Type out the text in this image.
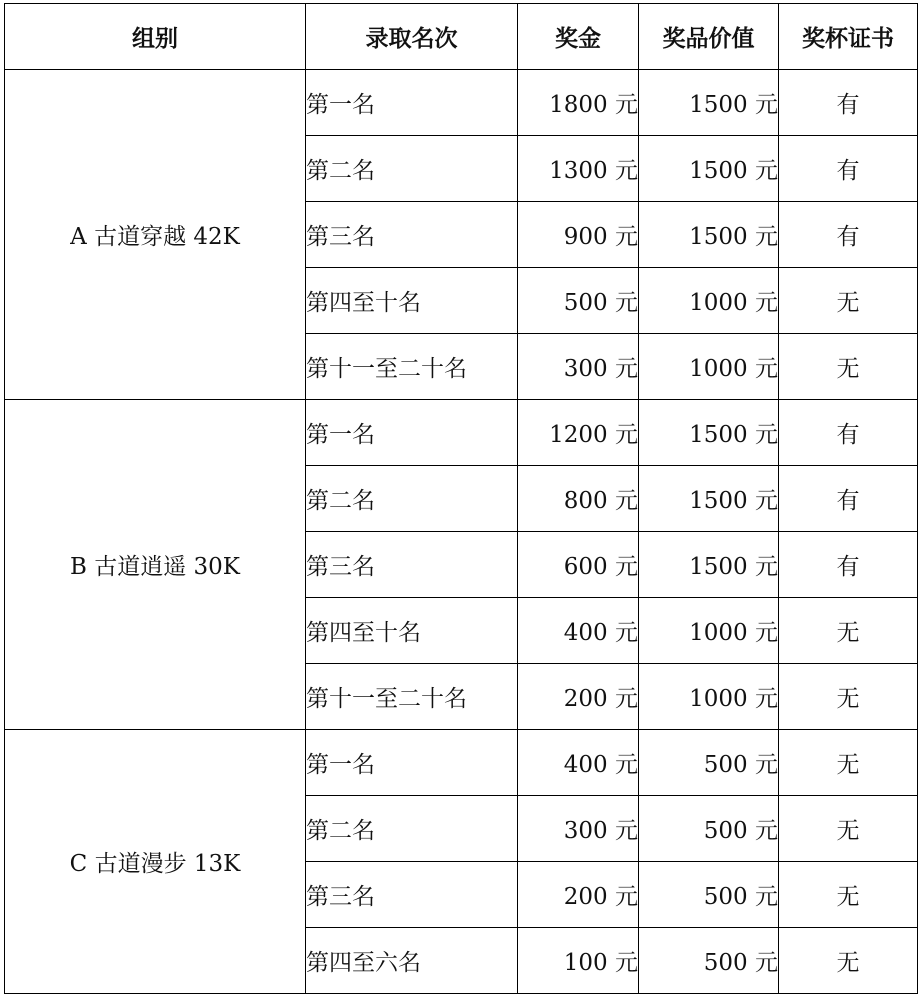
组别	录取名次	奖金	奖品价值	奖杯证书
A 古道穿越 42K	第一名	1800 元	1500 元	有
	第二名	1300 元	1500 元	有
	第三名	900 元	1500 元	有
	第四至十名	500 元	1000 元	无
	第十一至二十名	300 元	1000 元	无
B 古道逍遥 30K	第一名	1200 元	1500 元	有
	第二名	800 元	1500 元	有
	第三名	600 元	1500 元	有
	第四至十名	400 元	1000 元	无
	第十一至二十名	200 元	1000 元	无
C 古道漫步 13K	第一名	400 元	500 元	无
	第二名	300 元	500 元	无
	第三名	200 元	500 元	无
	第四至六名	100 元	500 元	无
